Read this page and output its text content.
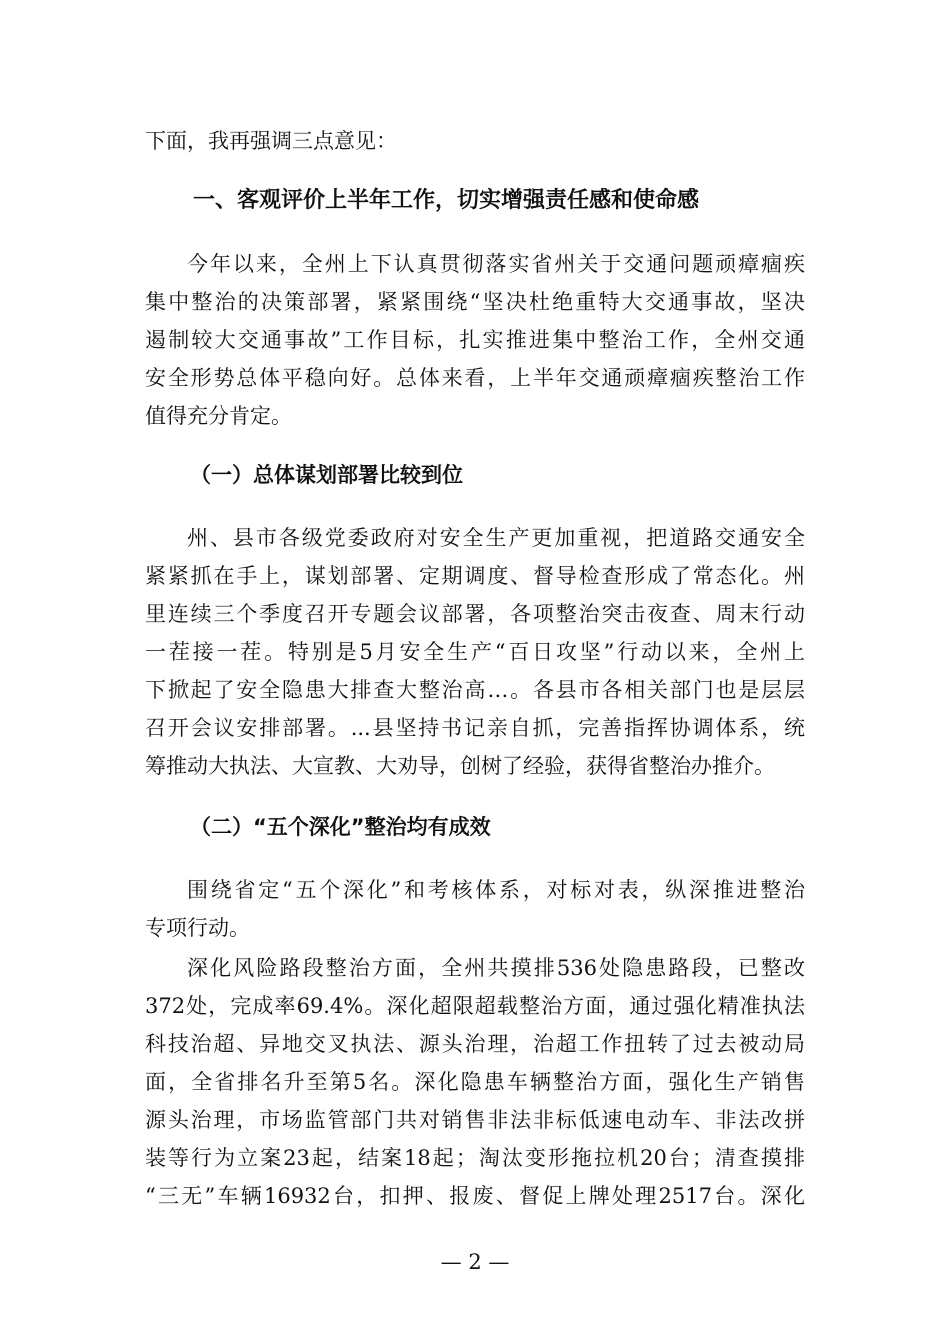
下面，我再强调三点意见：
一、客观评价上半年工作，切实增强责任感和使命感
今年以来，全州上下认真贯彻落实省州关于交通问题顽瘴痼疾
集中整治的决策部署，紧紧围绕“坚决杜绝重特大交通事故，坚决
遏制较大交通事故”工作目标，扎实推进集中整治工作，全州交通
安全形势总体平稳向好。总体来看，上半年交通顽瘴痼疾整治工作
值得充分肯定。
（一）总体谋划部署比较到位
州、县市各级党委政府对安全生产更加重视，把道路交通安全
紧紧抓在手上，谋划部署、定期调度、督导检查形成了常态化。州
里连续三个季度召开专题会议部署，各项整治突击夜查、周末行动
一茬接一茬。特别是5月安全生产“百日攻坚”行动以来，全州上
下掀起了安全隐患大排查大整治高…。各县市各相关部门也是层层
召开会议安排部署。...县坚持书记亲自抓，完善指挥协调体系，统
筹推动大执法、大宣教、大劝导，创树了经验，获得省整治办推介。
（二）“五个深化”整治均有成效
围绕省定“五个深化”和考核体系，对标对表，纵深推进整治
专项行动。
深化风险路段整治方面，全州共摸排536处隐患路段，已整改
372处，完成率69.4%。深化超限超载整治方面，通过强化精准执法
科技治超、异地交叉执法、源头治理，治超工作扭转了过去被动局
面，全省排名升至第5名。深化隐患车辆整治方面，强化生产销售
源头治理，市场监管部门共对销售非法非标低速电动车、非法改拼
装等行为立案23起，结案18起；淘汰变形拖拉机20台；清查摸排
“三无”车辆16932台，扣押、报废、督促上牌处理2517台。深化
— 2 —
